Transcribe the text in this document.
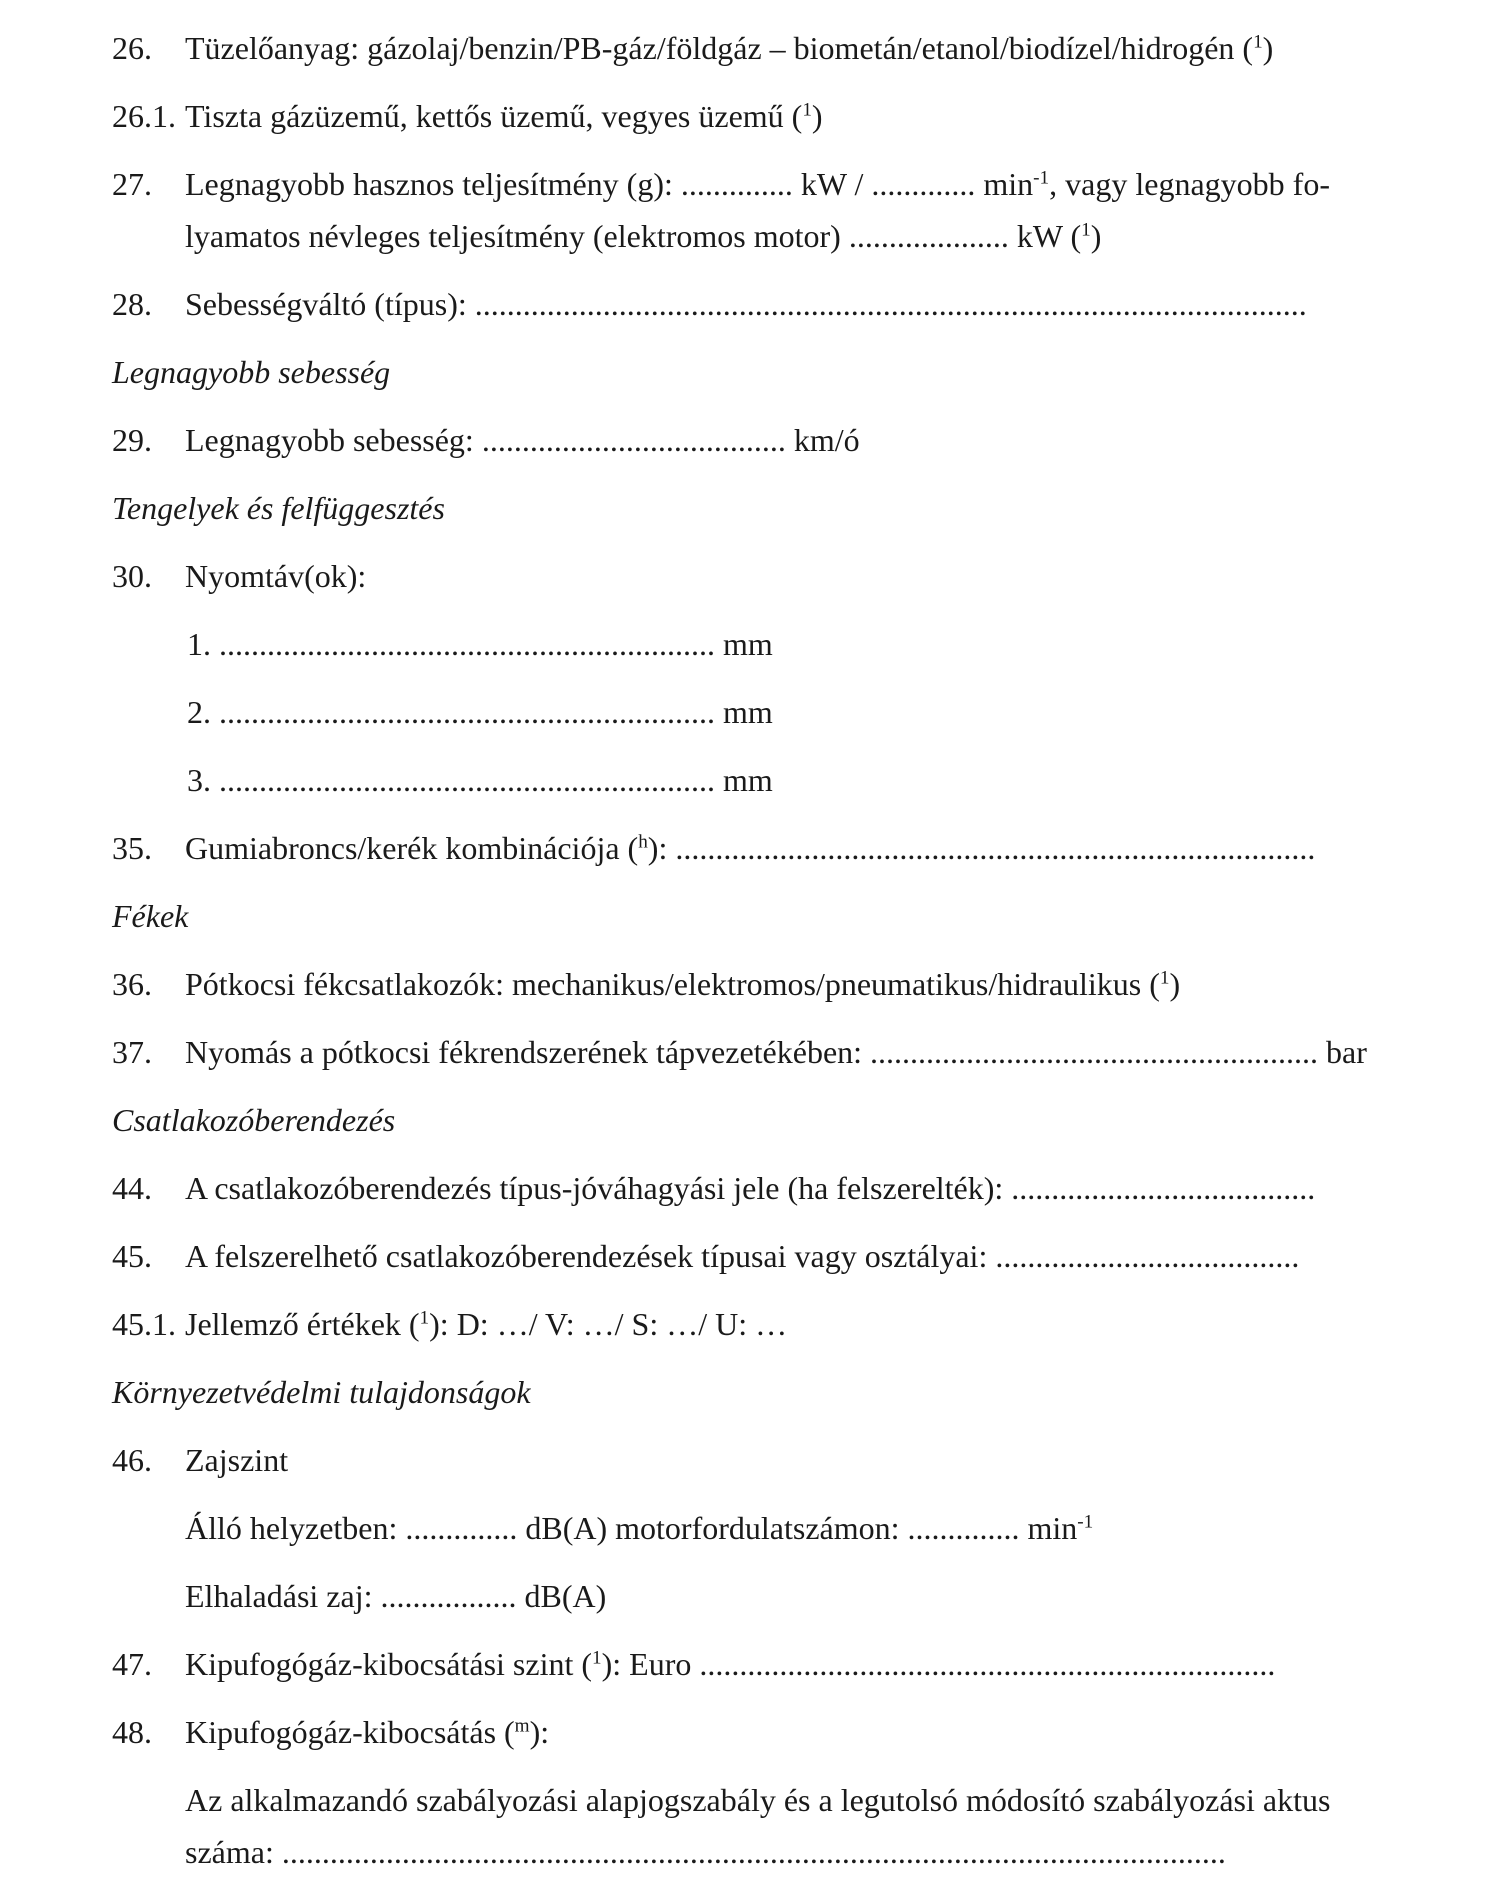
26. Tüzelőanyag: gázolaj/benzin/PB-gáz/földgáz – biometán/etanol/biodízel/hidrogén ($^1$)
26.1. Tiszta gázüzemű, kettős üzemű, vegyes üzemű ($^1$)
27. Legnagyobb hasznos teljesítmény (g): .............. kW / ............. $\min^{-1}$, vagy legnagyobb fo-
lyamatos névleges teljesítmény (elektromos motor) .................... kW ($^1$)
28. Sebességváltó (típus): ........................................................................................................
Legnagyobb sebesség
29. Legnagyobb sebesség: ...................................... km/ó
Tengelyek és felfüggesztés
30. Nyomtáv(ok):
1. .............................................................. mm
2. .............................................................. mm
3. .............................................................. mm
35. Gumiabroncs/kerék kombinációja ($^h$): ................................................................................
Fékek
36. Pótkocsi fékcsatlakozók: mechanikus/elektromos/pneumatikus/hidraulikus ($^1$)
37. Nyomás a pótkocsi fékrendszerének tápvezetékében: ........................................................ bar
Csatlakozóberendezés
44. A csatlakozóberendezés típus-jóváhagyási jele (ha felszerelték): ......................................
45. A felszerelhető csatlakozóberendezések típusai vagy osztályai: ......................................
45.1. Jellemző értékek ($^1$): D: …/ V: …/ S: …/ U: …
Környezetvédelmi tulajdonságok
46. Zajszint
Álló helyzetben: .............. dB(A) motorfordulatszámon: .............. $\min^{-1}$
Elhaladási zaj: ................. dB(A)
47. Kipufogógáz-kibocsátási szint ($^1$): Euro ........................................................................
48. Kipufogógáz-kibocsátás ($^m$):
Az alkalmazandó szabályozási alapjogszabály és a legutolsó módosító szabályozási aktus
száma: ......................................................................................................................
